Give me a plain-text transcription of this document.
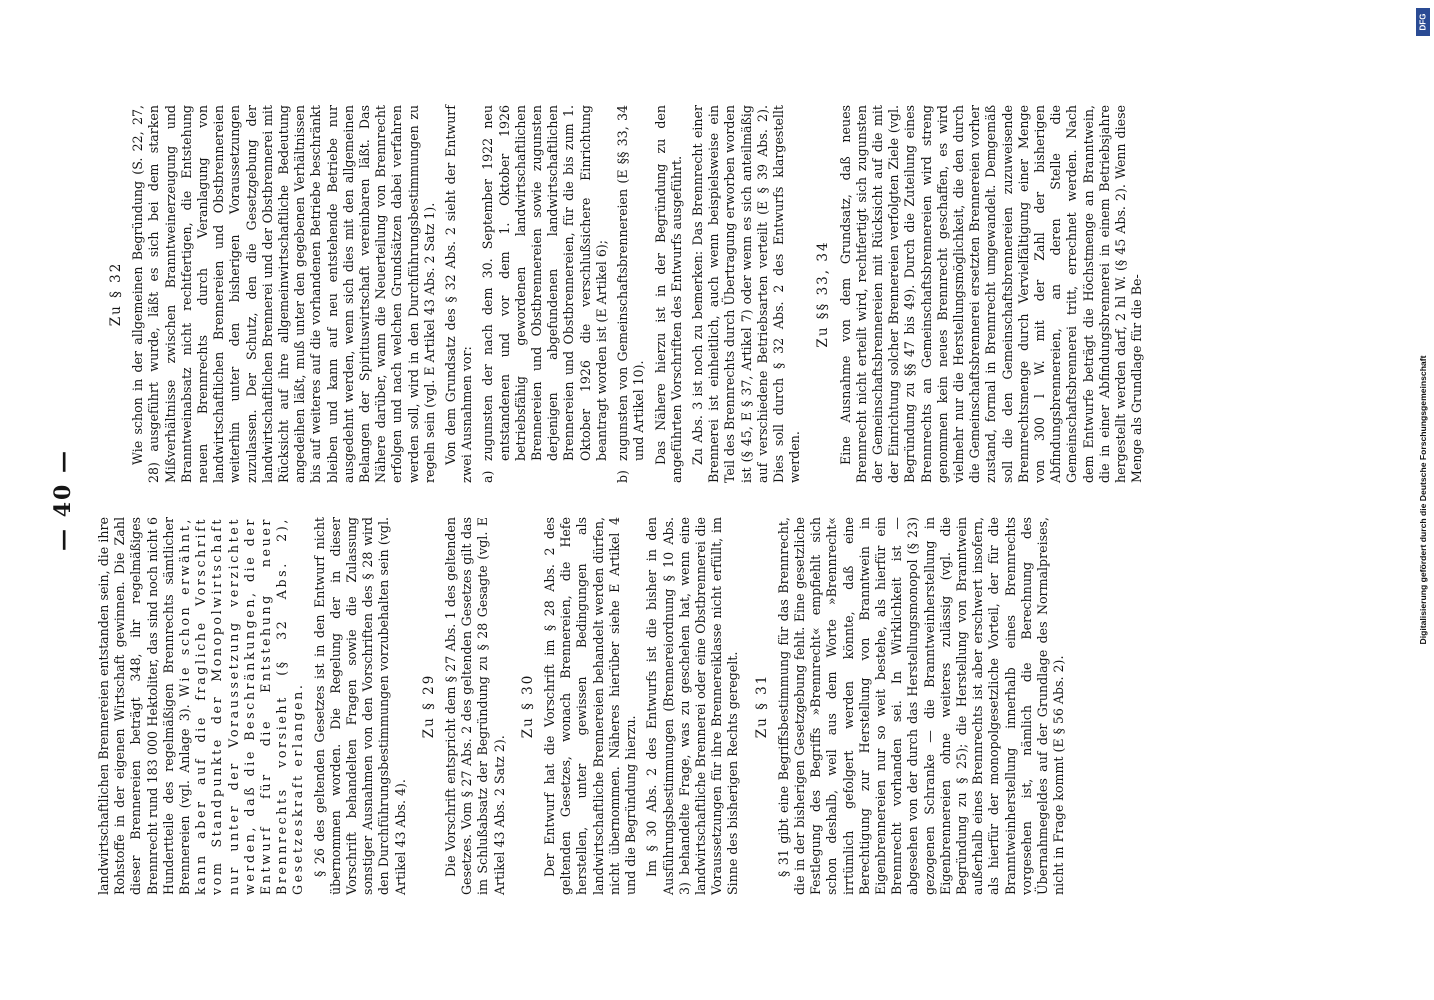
— 40 —

landwirtschaftlichen Brennereien entstanden sein, die ihre Rohstoffe in der eigenen Wirtschaft gewinnen. Die Zahl dieser Brennereien beträgt 348, ihr regelmäßiges Brennrecht rund 183 000 Hektoliter, das sind noch nicht 6 Hundertteile des regelmäßigen Brennrechts sämtlicher Brennereien (vgl. Anlage 3). Wie schon erwähnt, kann aber auf die fragliche Vorschrift vom Standpunkte der Monopolwirtschaft nur unter der Voraussetzung verzichtet werden, daß die Beschränkungen, die der Entwurf für die Entstehung neuer Brennrechts vorsieht (§ 32 Abs. 2), Gesetzeskraft erlangen. § 26 des geltenden Gesetzes ist in den Entwurf nicht übernommen worden. Die Regelung der in dieser Vorschrift behandelten Fragen sowie die Zulassung sonstiger Ausnahmen von den Vorschriften des § 28 wird den Durchführungsbestimmungen vorzubehalten sein (vgl. Artikel 43 Abs. 4).

Zu § 29 Die Vorschrift entspricht dem § 27 Abs. 1 des geltenden Gesetzes. Vom § 27 Abs. 2 des geltenden Gesetzes gilt das im Schlußabsatz der Begründung zu § 28 Gesagte (vgl. E Artikel 43 Abs. 2 Satz 2).

Zu § 30 Der Entwurf hat die Vorschrift im § 28 Abs. 2 des geltenden Gesetzes, wonach Brennereien, die Hefe herstellen, unter gewissen Bedingungen als landwirtschaftliche Brennereien behandelt werden dürfen, nicht übernommen. Näheres hierüber siehe E Artikel 4 und die Begründung hierzu. Im § 30 Abs. 2 des Entwurfs ist die bisher in den Ausführungsbestimmungen (Brennereiordnung § 10 Abs. 3) behandelte Frage, was zu geschehen hat, wenn eine landwirtschaftliche Brennerei oder eine Obstbrennerei die Voraussetzungen für ihre Brennereiklasse nicht erfüllt, im Sinne des bisherigen Rechts geregelt. Zu § 31 § 31 gibt eine Begriffsbestimmung für das Brennrecht, die in der bisherigen Gesetzgebung fehlt. Eine gesetzliche Festlegung des Begriffs »Brennrecht« empfiehlt sich schon deshalb, weil aus dem Worte »Brennrecht« irrtümlich gefolgert werden könnte, daß eine Berechtigung zur Herstellung von Branntwein in Eigenbrennereien nur so weit bestehe, als hierfür ein Brennrecht vorhanden sei. In Wirklichkeit ist — abgesehen von der durch das Herstellungsmonopol (§ 23) gezogenen Schranke — die Branntweinherstellung in Eigenbrennereien ohne weiteres zulässig (vgl. die Begründung zu § 25); die Herstellung von Branntwein außerhalb eines Brennrechts ist aber erschwert insofern, als hierfür der monopolgesetzliche Vorteil, der für die Branntweinherstellung innerhalb eines Brennrechts vorgesehen ist, nämlich die Berechnung des Übernahmegeldes auf der Grundlage des Normalpreises, nicht in Frage kommt (E § 56 Abs. 2).

Zu § 32 Wie schon in der allgemeinen Begründung (S. 22, 27, 28) ausgeführt wurde, läßt es sich bei dem starken Mißverhältnisse zwischen Branntweinerzeugung und Branntweinabsatz nicht rechtfertigen, die Entstehung neuen Brennrechts durch Veranlagung von landwirtschaftlichen Brennereien und Obstbrennereien weiterhin unter den bisherigen Voraussetzungen zuzulassen. Der Schutz, den die Gesetzgebung der landwirtschaftlichen Brennerei und der Obstbrennerei mit Rücksicht auf ihre allgemeinwirtschaftliche Bedeutung angedeihen läßt, muß unter den gegebenen Verhältnissen bis auf weiteres auf die vorhandenen Betriebe beschränkt bleiben und kann auf neu entstehende Betriebe nur ausgedehnt werden, wenn sich dies mit den allgemeinen Belangen der Spirituswirtschaft vereinbaren läßt. Das Nähere darüber, wann die Neuerteilung von Brennrecht erfolgen und nach welchen Grundsätzen dabei verfahren werden soll, wird in den Durchführungsbestimmungen zu regeln sein (vgl. E Artikel 43 Abs. 2 Satz 1). Von dem Grundsatz des § 32 Abs. 2 sieht der Entwurf zwei Ausnahmen vor: a)
zugunsten der nach dem 30. September 1922 neu entstandenen und vor dem 1. Oktober 1926 betriebsfähig gewordenen landwirtschaftlichen Brennereien und Obstbrennereien sowie zugunsten derjenigen abgefundenen landwirtschaftlichen Brennereien und Obstbrennereien, für die bis zum 1. Oktober 1926 die verschlußsichere Einrichtung beantragt worden ist (E Artikel 6);
b)
zugunsten von Gemeinschaftsbrennereien (E §§ 33, 34 und Artikel 10). Das Nähere hierzu ist in der Begründung zu den angeführten Vorschriften des Entwurfs ausgeführt. Zu Abs. 3 ist noch zu bemerken: Das Brennrecht einer Brennerei ist einheitlich, auch wenn beispielsweise ein Teil des Brennrechts durch Übertragung erworben worden ist (§ 45, E § 37, Artikel 7) oder wenn es sich anteilmäßig auf verschiedene Betriebsarten verteilt (E § 39 Abs. 2). Dies soll durch § 32 Abs. 2 des Entwurfs klargestellt werden.

Zu §§ 33, 34 Eine Ausnahme von dem Grundsatz, daß neues Brennrecht nicht erteilt wird, rechtfertigt sich zugunsten der Gemeinschaftsbrennereien mit Rücksicht auf die mit der Einrichtung solcher Brennereien verfolgten Ziele (vgl. Begründung zu §§ 47 bis 49). Durch die Zuteilung eines Brennrechts an Gemeinschaftsbrennereien wird streng genommen kein neues Brennrecht geschaffen, es wird vielmehr nur die Herstellungsmöglichkeit, die den durch die Gemeinschaftsbrennerei ersetzten Brennereien vorher zustand, formal in Brennrecht umgewandelt. Demgemäß soll die den Gemeinschaftsbrennereien zuzuweisende Brennrechtsmenge durch Vervielfältigung einer Menge von 300 l W. mit der Zahl der bisherigen Abfindungsbrennereien, an deren Stelle die Gemeinschaftsbrennerei tritt, errechnet werden. Nach dem Entwurfe beträgt die Höchstmenge an Branntwein, die in einer Abfindungsbrennerei in einem Betriebsjahre hergestellt werden darf, 2 hl W. (§ 45 Abs. 2). Wenn diese Menge als Grundlage für die Be-

DFG
Digitalisierung gefördert durch die Deutsche Forschungsgemeinschaft
